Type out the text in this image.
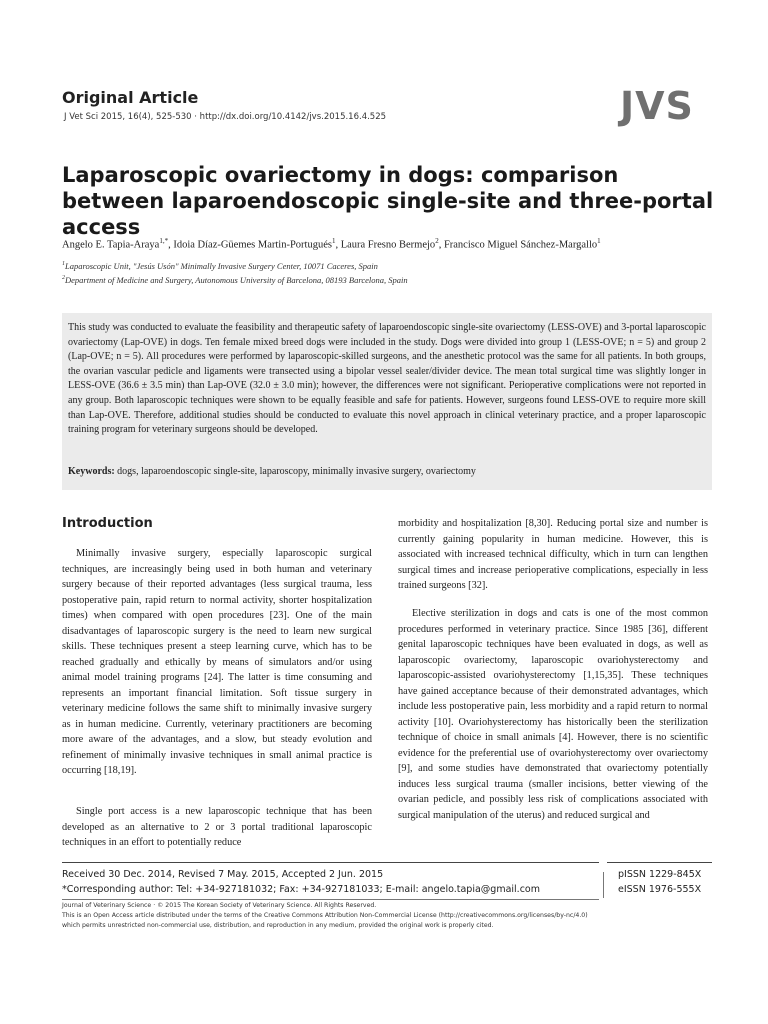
Original Article
J Vet Sci 2015, 16(4), 525-530 · http://dx.doi.org/10.4142/jvs.2015.16.4.525	JVS
Laparoscopic ovariectomy in dogs: comparison between laparoendoscopic single-site and three-portal access
Angelo E. Tapia-Araya$^{1,*}$, Idoia Díaz-Güemes Martin-Portugués$^1$, Laura Fresno Bermejo$^2$, Francisco Miguel Sánchez-Margallo$^1$
$^1$Laparoscopic Unit, "Jesús Usón" Minimally Invasive Surgery Center, 10071 Caceres, Spain
$^2$Department of Medicine and Surgery, Autonomous University of Barcelona, 08193 Barcelona, Spain

This study was conducted to evaluate the feasibility and therapeutic safety of laparoendoscopic single-site ovariectomy (LESS-OVE) and 3-portal laparoscopic ovariectomy (Lap-OVE) in dogs. Ten female mixed breed dogs were included in the study. Dogs were divided into group 1 (LESS-OVE; n = 5) and group 2 (Lap-OVE; n = 5). All procedures were performed by laparoscopic-skilled surgeons, and the anesthetic protocol was the same for all patients. In both groups, the ovarian vascular pedicle and ligaments were transected using a bipolar vessel sealer/divider device. The mean total surgical time was slightly longer in LESS-OVE (36.6 ± 3.5 min) than Lap-OVE (32.0 ± 3.0 min); however, the differences were not significant. Perioperative complications were not reported in any group. Both laparoscopic techniques were shown to be equally feasible and safe for patients. However, surgeons found LESS-OVE to require more skill than Lap-OVE. Therefore, additional studies should be conducted to evaluate this novel approach in clinical veterinary practice, and a proper laparoscopic training program for veterinary surgeons should be developed.

Keywords: dogs, laparoendoscopic single-site, laparoscopy, minimally invasive surgery, ovariectomy
Introduction

Minimally invasive surgery, especially laparoscopic surgical techniques, are increasingly being used in both human and veterinary surgery because of their reported advantages (less surgical trauma, less postoperative pain, rapid return to normal activity, shorter hospitalization times) when compared with open procedures [23]. One of the main disadvantages of laparoscopic surgery is the need to learn new surgical skills. These techniques present a steep learning curve, which has to be reached gradually and ethically by means of simulators and/or using animal model training programs [24]. The latter is time consuming and represents an important financial limitation. Soft tissue surgery in veterinary medicine follows the same shift to minimally invasive surgery as in human medicine. Currently, veterinary practitioners are becoming more aware of the advantages, and a slow, but steady evolution and refinement of minimally invasive techniques in small animal practice is occurring [18,19].

Single port access is a new laparoscopic technique that has been developed as an alternative to 2 or 3 portal traditional laparoscopic techniques in an effort to potentially reduce

morbidity and hospitalization [8,30]. Reducing portal size and number is currently gaining popularity in human medicine. However, this is associated with increased technical difficulty, which in turn can lengthen surgical times and increase perioperative complications, especially in less trained surgeons [32].

Elective sterilization in dogs and cats is one of the most common procedures performed in veterinary practice. Since 1985 [36], different genital laparoscopic techniques have been evaluated in dogs, as well as laparoscopic ovariectomy, laparoscopic ovariohysterectomy and laparoscopic-assisted ovariohysterectomy [1,15,35]. These techniques have gained acceptance because of their demonstrated advantages, which include less postoperative pain, less morbidity and a rapid return to normal activity [10]. Ovariohysterectomy has historically been the sterilization technique of choice in small animals [4]. However, there is no scientific evidence for the preferential use of ovariohysterectomy over ovariectomy [9], and some studies have demonstrated that ovariectomy potentially induces less surgical trauma (smaller incisions, better viewing of the ovarian pedicle, and possibly less risk of complications associated with surgical manipulation of the uterus) and reduced surgical and

Received 30 Dec. 2014, Revised 7 May. 2015, Accepted 2 Jun. 2015
*Corresponding author: Tel: +34-927181032; Fax: +34-927181033; E-mail: angelo.tapia@gmail.com
pISSN 1229-845X
eISSN 1976-555X
Journal of Veterinary Science · © 2015 The Korean Society of Veterinary Science. All Rights Reserved.
This is an Open Access article distributed under the terms of the Creative Commons Attribution Non-Commercial License (http://creativecommons.org/licenses/by-nc/4.0) which permits unrestricted non-commercial use, distribution, and reproduction in any medium, provided the original work is properly cited.
